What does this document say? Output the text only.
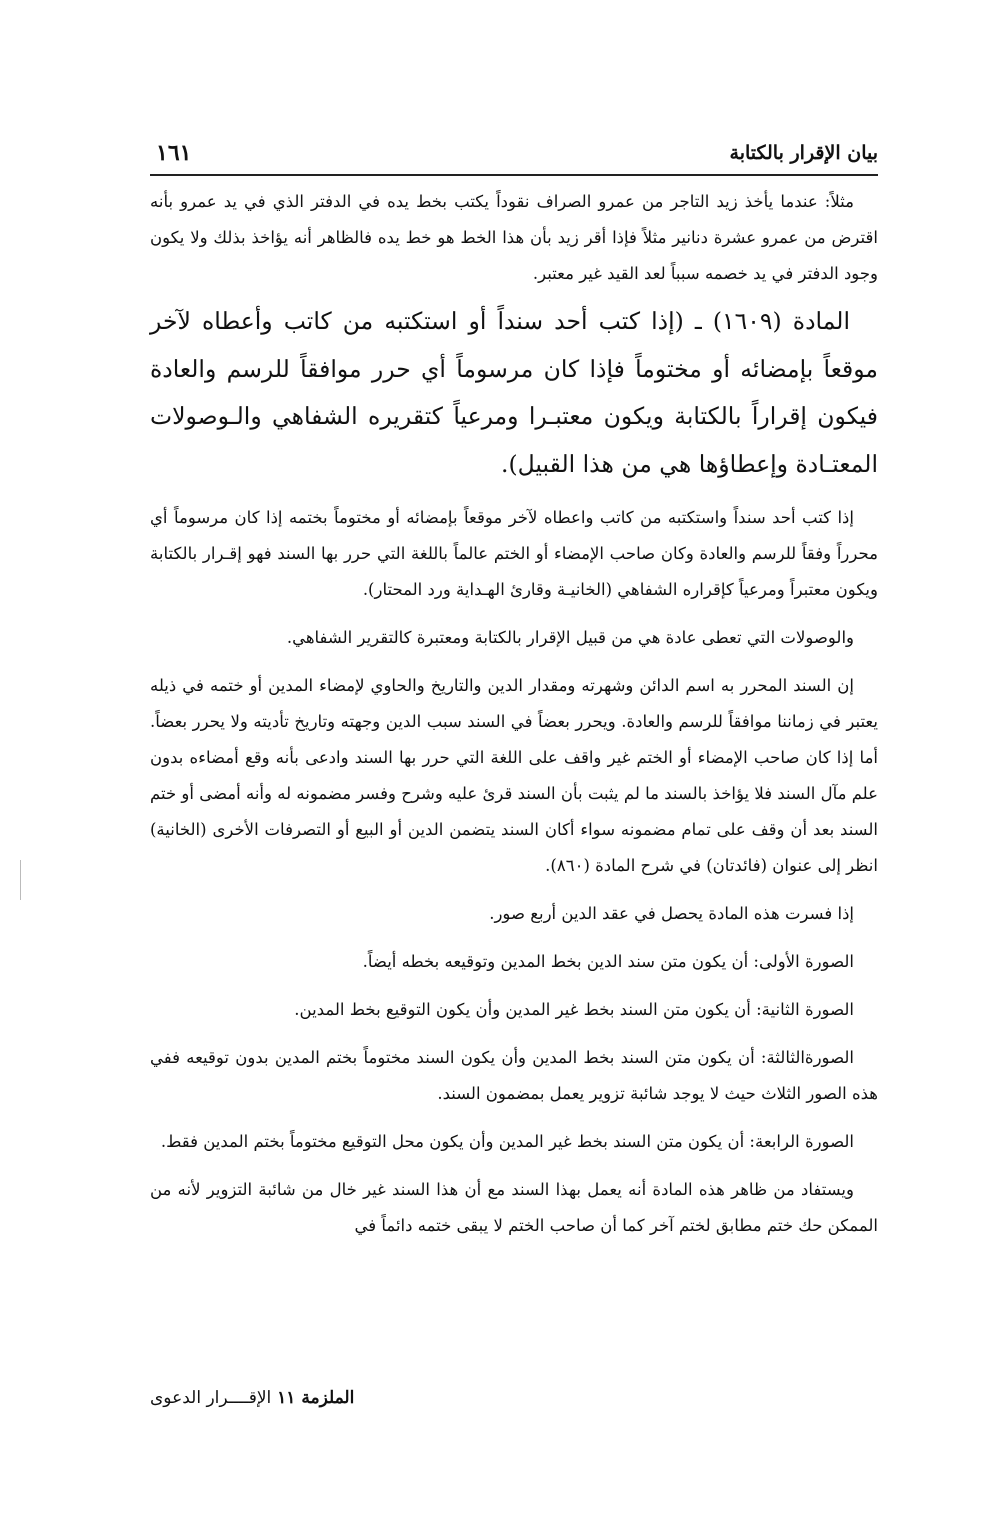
بيان الإقرار بالكتابة
١٦١

مثلاً: عندما يأخذ زيد التاجر من عمرو الصراف نقوداً يكتب بخط يده في الدفتر الذي في يد عمرو بأنه اقترض من عمرو عشرة دنانير مثلاً فإذا أقر زيد بأن هذا الخط هو خط يده فالظاهر أنه يؤاخذ بذلك ولا يكون وجود الدفتر في يد خصمه سبباً لعد القيد غير معتبر.

المادة (١٦٠٩) ـ (إذا كتب أحد سنداً أو استكتبه من كاتب وأعطاه لآخر موقعاً بإمضائه أو مختوماً فإذا كان مرسوماً أي حرر موافقاً للرسم والعادة فيكون إقراراً بالكتابة ويكون معتبـرا ومرعياً كتقريره الشفاهي والـوصولات المعتـادة وإعطاؤها هي من هذا القبيل).

إذا كتب أحد سنداً واستكتبه من كاتب واعطاه لآخر موقعاً بإمضائه أو مختوماً بختمه إذا كان مرسوماً أي محرراً وفقاً للرسم والعادة وكان صاحب الإمضاء أو الختم عالماً باللغة التي حرر بها السند فهو إقـرار بالكتابة ويكون معتبراً ومرعياً كإقراره الشفاهي (الخانيـة وقارئ الهـداية ورد المحتار).

والوصولات التي تعطى عادة هي من قبيل الإقرار بالكتابة ومعتبرة كالتقرير الشفاهي.

إن السند المحرر به اسم الدائن وشهرته ومقدار الدين والتاريخ والحاوي لإمضاء المدين أو ختمه في ذيله يعتبر في زماننا موافقاً للرسم والعادة. ويحرر بعضاً في السند سبب الدين وجهته وتاريخ تأديته ولا يحرر بعضاً. أما إذا كان صاحب الإمضاء أو الختم غير واقف على اللغة التي حرر بها السند وادعى بأنه وقع أمضاءه بدون علم مآل السند فلا يؤاخذ بالسند ما لم يثبت بأن السند قرئ عليه وشرح وفسر مضمونه له وأنه أمضى أو ختم السند بعد أن وقف على تمام مضمونه سواء أكان السند يتضمن الدين أو البيع أو التصرفات الأخرى (الخانية) انظر إلى عنوان (فائدتان) في شرح المادة (٨٦٠).

إذا فسرت هذه المادة يحصل في عقد الدين أربع صور.

الصورة الأولى: أن يكون متن سند الدين بخط المدين وتوقيعه بخطه أيضاً.

الصورة الثانية: أن يكون متن السند بخط غير المدين وأن يكون التوقيع بخط المدين.

الصورةالثالثة: أن يكون متن السند بخط المدين وأن يكون السند مختوماً بختم المدين بدون توقيعه ففي هذه الصور الثلاث حيث لا يوجد شائبة تزوير يعمل بمضمون السند.

الصورة الرابعة: أن يكون متن السند بخط غير المدين وأن يكون محل التوقيع مختوماً بختم المدين فقط.

ويستفاد من ظاهر هذه المادة أنه يعمل بهذا السند مع أن هذا السند غير خال من شائبة التزوير لأنه من الممكن حك ختم مطابق لختم آخر كما أن صاحب الختم لا يبقى ختمه دائماً في

الملزمة ١١ الإقــــرار الدعوى
